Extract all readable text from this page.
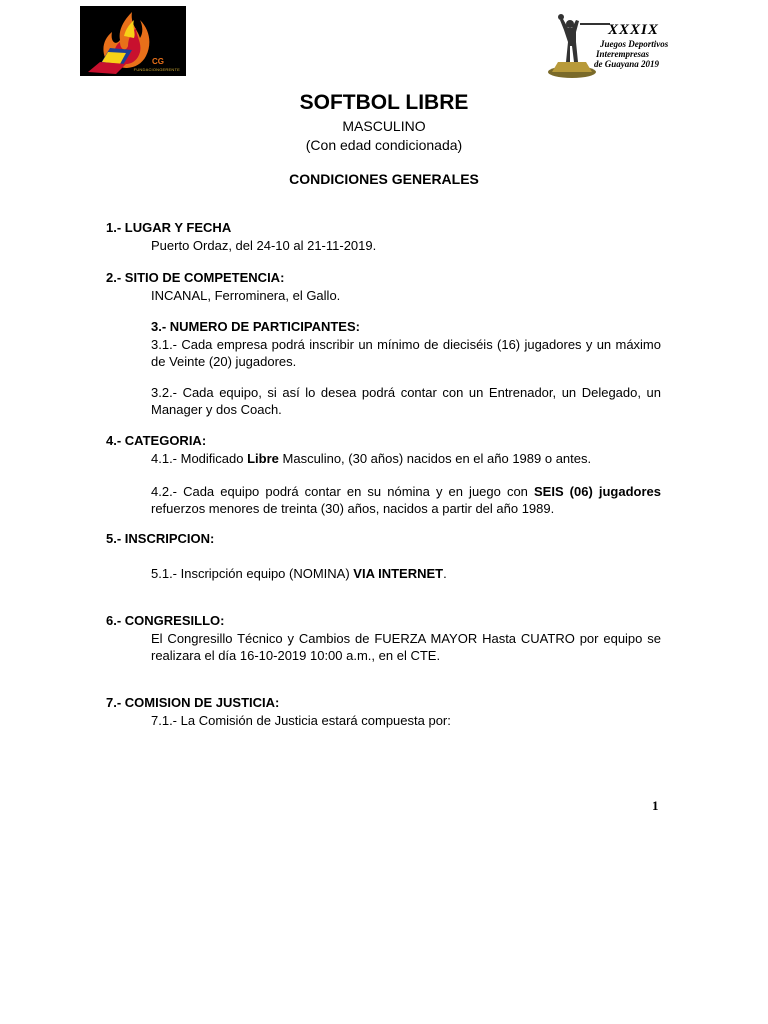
CG
FUNDACIONGERENTE
XXXIX
Juegos Deportivos
Interempresas
de Guayana 2019
SOFTBOL LIBRE
MASCULINO
(Con edad condicionada)
CONDICIONES GENERALES
1.- LUGAR Y FECHA
Puerto Ordaz, del 24-10 al 21-11-2019.
2.- SITIO DE COMPETENCIA:
INCANAL, Ferrominera, el Gallo.
3.- NUMERO DE PARTICIPANTES:
3.1.- Cada empresa podrá inscribir un mínimo de dieciséis (16) jugadores y un máximo de Veinte (20) jugadores.
3.2.- Cada equipo, si así lo desea podrá contar con un Entrenador, un Delegado, un Manager y dos Coach.
4.- CATEGORIA:
4.1.- Modificado Libre Masculino, (30 años) nacidos en el año 1989 o antes.
4.2.- Cada equipo podrá contar en su nómina y en juego con SEIS (06) jugadores refuerzos menores de treinta (30) años, nacidos a partir del año 1989.
5.- INSCRIPCION:
5.1.- Inscripción equipo (NOMINA) VIA INTERNET.
6.- CONGRESILLO:
El Congresillo Técnico y Cambios de FUERZA MAYOR Hasta CUATRO por equipo se realizara el día 16-10-2019 10:00 a.m., en el CTE.
7.- COMISION DE JUSTICIA:
7.1.- La Comisión de Justicia estará compuesta por:
1
